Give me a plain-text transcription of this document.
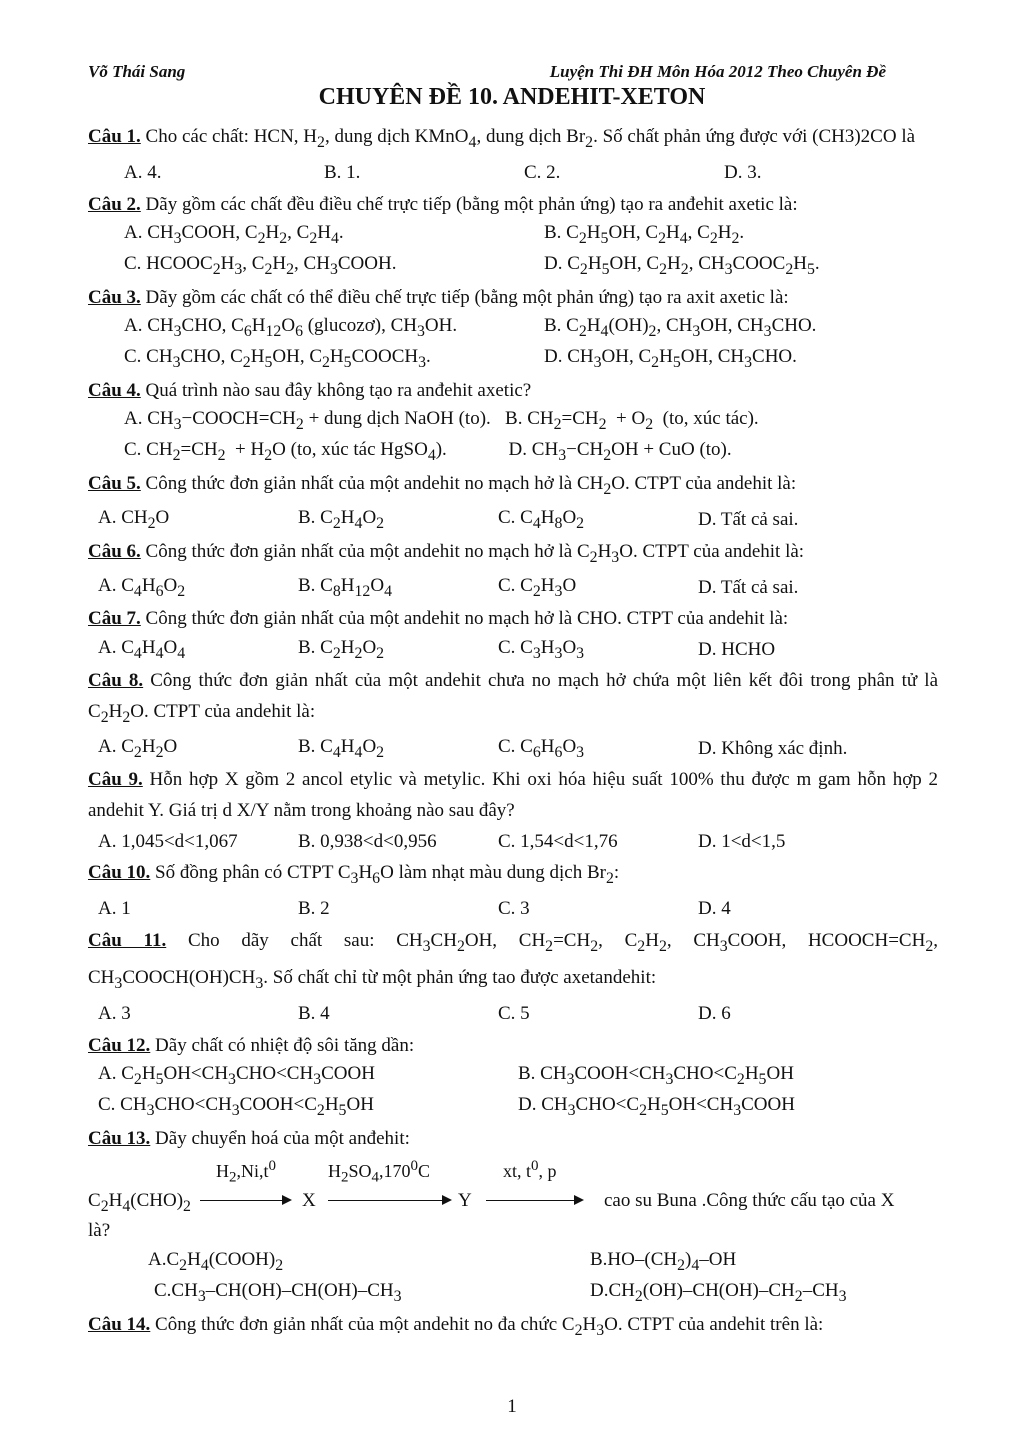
Võ Thái Sang	Luyện Thi ĐH Môn Hóa 2012 Theo Chuyên Đề
CHUYÊN ĐỀ 10. ANDEHIT-XETON
Câu 1. Cho các chất: HCN, $H_2$, dung dịch KMnO$_4$, dung dịch $Br_2$. Số chất phản ứng được với (CH3)2CO là
A. 4.	B. 1.	C. 2.	D. 3.
Câu 2. Dãy gồm các chất đều điều chế trực tiếp (bằng một phản ứng) tạo ra anđehit axetic là:
A. $CH_3COOH$, $C_2H_2$, $C_2H_4$.	B. $C_2H_5OH$, $C_2H_4$, $C_2H_2$.
C. $HCOOC_2H_3$, $C_2H_2$, $CH_3COOH$.	D. $C_2H_5OH$, $C_2H_2$, $CH_3COOC_2H_5$.
Câu 3. Dãy gồm các chất có thể điều chế trực tiếp (bằng một phản ứng) tạo ra axit axetic là:
A. $CH_3CHO$, $C_6H_{12}O_6$ (glucozơ), $CH_3OH$.	B. $C_2H_4(OH)_2$, $CH_3OH$, $CH_3CHO$.
C. $CH_3CHO$, $C_2H_5OH$, $C_2H_5COOCH_3$.	D. $CH_3OH$, $C_2H_5OH$, $CH_3CHO$.
Câu 4. Quá trình nào sau đây không tạo ra anđehit axetic?
A. $CH_3-COOCH=CH_2$ + dung dịch NaOH (to).   B. $CH_2=CH_2 + O_2$  (to, xúc tác).
C. $CH_2=CH_2 + H_2O$ (to, xúc tác HgSO$_4$).             D. $CH_3-CH_2OH$ + CuO (to).
Câu 5. Công thức đơn giản nhất của một andehit no mạch hở là $CH_2O$. CTPT của andehit là:
A. $CH_2O$	B. $C_2H_4O_2$	C. $C_4H_8O_2$	D. Tất cả sai.
Câu 6. Công thức đơn giản nhất của một andehit no mạch hở là $C_2H_3O$. CTPT của andehit là:
A. $C_4H_6O_2$	B. $C_8H_{12}O_4$	C. $C_2H_3O$	D. Tất cả sai.
Câu 7. Công thức đơn giản nhất của một andehit no mạch hở là CHO. CTPT của andehit là:
A. $C_4H_4O_4$	B. $C_2H_2O_2$	C. $C_3H_3O_3$	D. HCHO
Câu 8. Công thức đơn giản nhất của một andehit chưa no mạch hở chứa một liên kết đôi trong phân tử là $C_2H_2O$. CTPT của andehit là:
A. $C_2H_2O$	B. $C_4H_4O_2$	C. $C_6H_6O_3$	D. Không xác định.
Câu 9. Hỗn hợp X gồm 2 ancol etylic và metylic. Khi oxi hóa hiệu suất 100% thu được m gam hỗn hợp 2 andehit Y. Giá trị d X/Y nằm trong khoảng nào sau đây?
A. 1,045<d<1,067	B. 0,938<d<0,956	C. 1,54<d<1,76	D. 1<d<1,5
Câu 10. Số đồng phân có CTPT $C_3H_6O$ làm nhạt màu dung dịch $Br_2$:
A. 1	B. 2	C. 3	D. 4
Câu 11. Cho dãy chất sau: $CH_3CH_2OH$, $CH_2=CH_2$, $C_2H_2$, $CH_3COOH$, $HCOOCH=CH_2$, $CH_3COOCH(OH)CH_3$. Số chất chỉ từ một phản ứng tao được axetandehit:
A. 3	B. 4	C. 5	D. 6
Câu 12. Dãy chất có nhiệt độ sôi tăng dần:
A. $C_2H_5OH<CH_3CHO<CH_3COOH$	B. $CH_3COOH<CH_3CHO<C_2H_5OH$
C. $CH_3CHO<CH_3COOH<C_2H_5OH$	D. $CH_3CHO<C_2H_5OH<CH_3COOH$
Câu 13. Dãy chuyển hoá của một anđehit:
$H_2,Ni,t^0$	$H_2SO_4,170^0C$	xt, $t^0$, p
$C_2H_4(CHO)_2$	X	Y	cao su Buna .Công thức cấu tạo của X
là?
$A.C_2H_4(COOH)_2$	$B.HO-(CH_2)_4-OH$
$C.CH_3-CH(OH)-CH(OH)-CH_3$	$D.CH_2(OH)-CH(OH)-CH_2-CH_3$
Câu 14. Công thức đơn giản nhất của một andehit no đa chức $C_2H_3O$. CTPT của andehit trên là:
1
